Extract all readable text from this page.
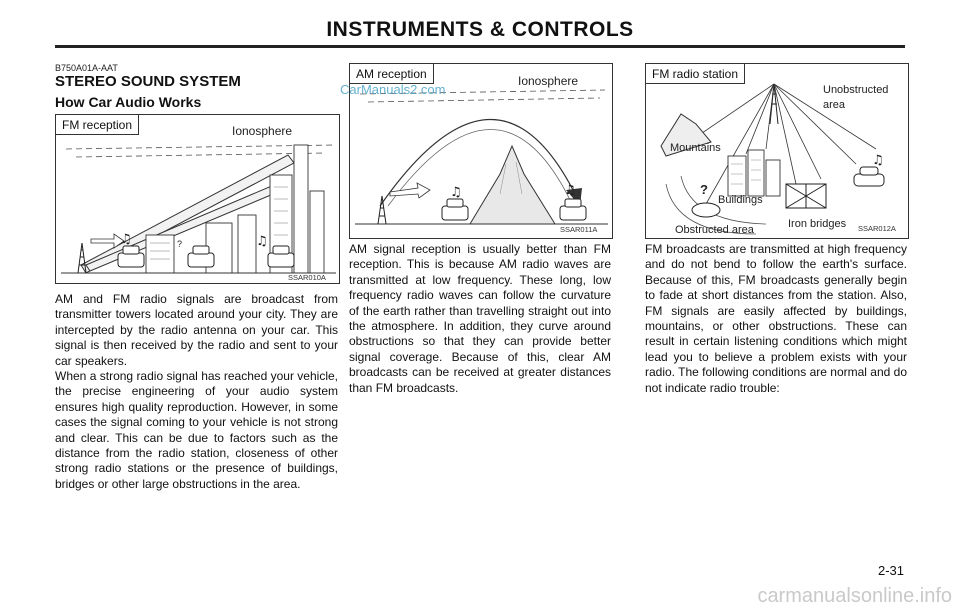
INSTRUMENTS & CONTROLS
B750A01A-AAT
STEREO SOUND SYSTEM
How Car Audio Works
♫	?	♫
FM reception	Ionosphere
SSAR010A
♫	♫
AM reception	Ionosphere
SSAR011A
?
♫
FM radio station
Unobstructed
area
Mountains
Buildings
Iron bridges
Obstructed area	SSAR012A
CarManuals2.com

AM and FM radio signals are broadcast from transmitter towers located around your city. They are intercepted by the radio antenna on your car. This signal is then received by the radio and sent to your car speakers.

When a strong radio signal has reached your vehicle, the precise engineering of your audio system ensures high quality reproduction. However, in some cases the signal coming to your vehicle is not strong and clear. This can be due to factors such as the distance from the radio station, closeness of other strong radio stations or the presence of buildings, bridges or other large obstructions in the area.

AM signal reception is usually better than FM reception. This is because AM radio waves are transmitted at low frequency. These long, low frequency radio waves can follow the curvature of the earth rather than travelling straight out into the atmosphere. In addition, they curve around obstructions so that they can provide better signal coverage. Because of this, clear AM broadcasts can be received at greater distances than FM broadcasts.

FM broadcasts are transmitted at high frequency and do not bend to follow the earth's surface. Because of this, FM broadcasts generally begin to fade at short distances from the station. Also, FM signals are easily affected by buildings, mountains, or other obstructions. These can result in certain listening conditions which might lead you to believe a problem exists with your radio. The following conditions are normal and do not indicate radio trouble:

2-31
carmanualsonline.info
